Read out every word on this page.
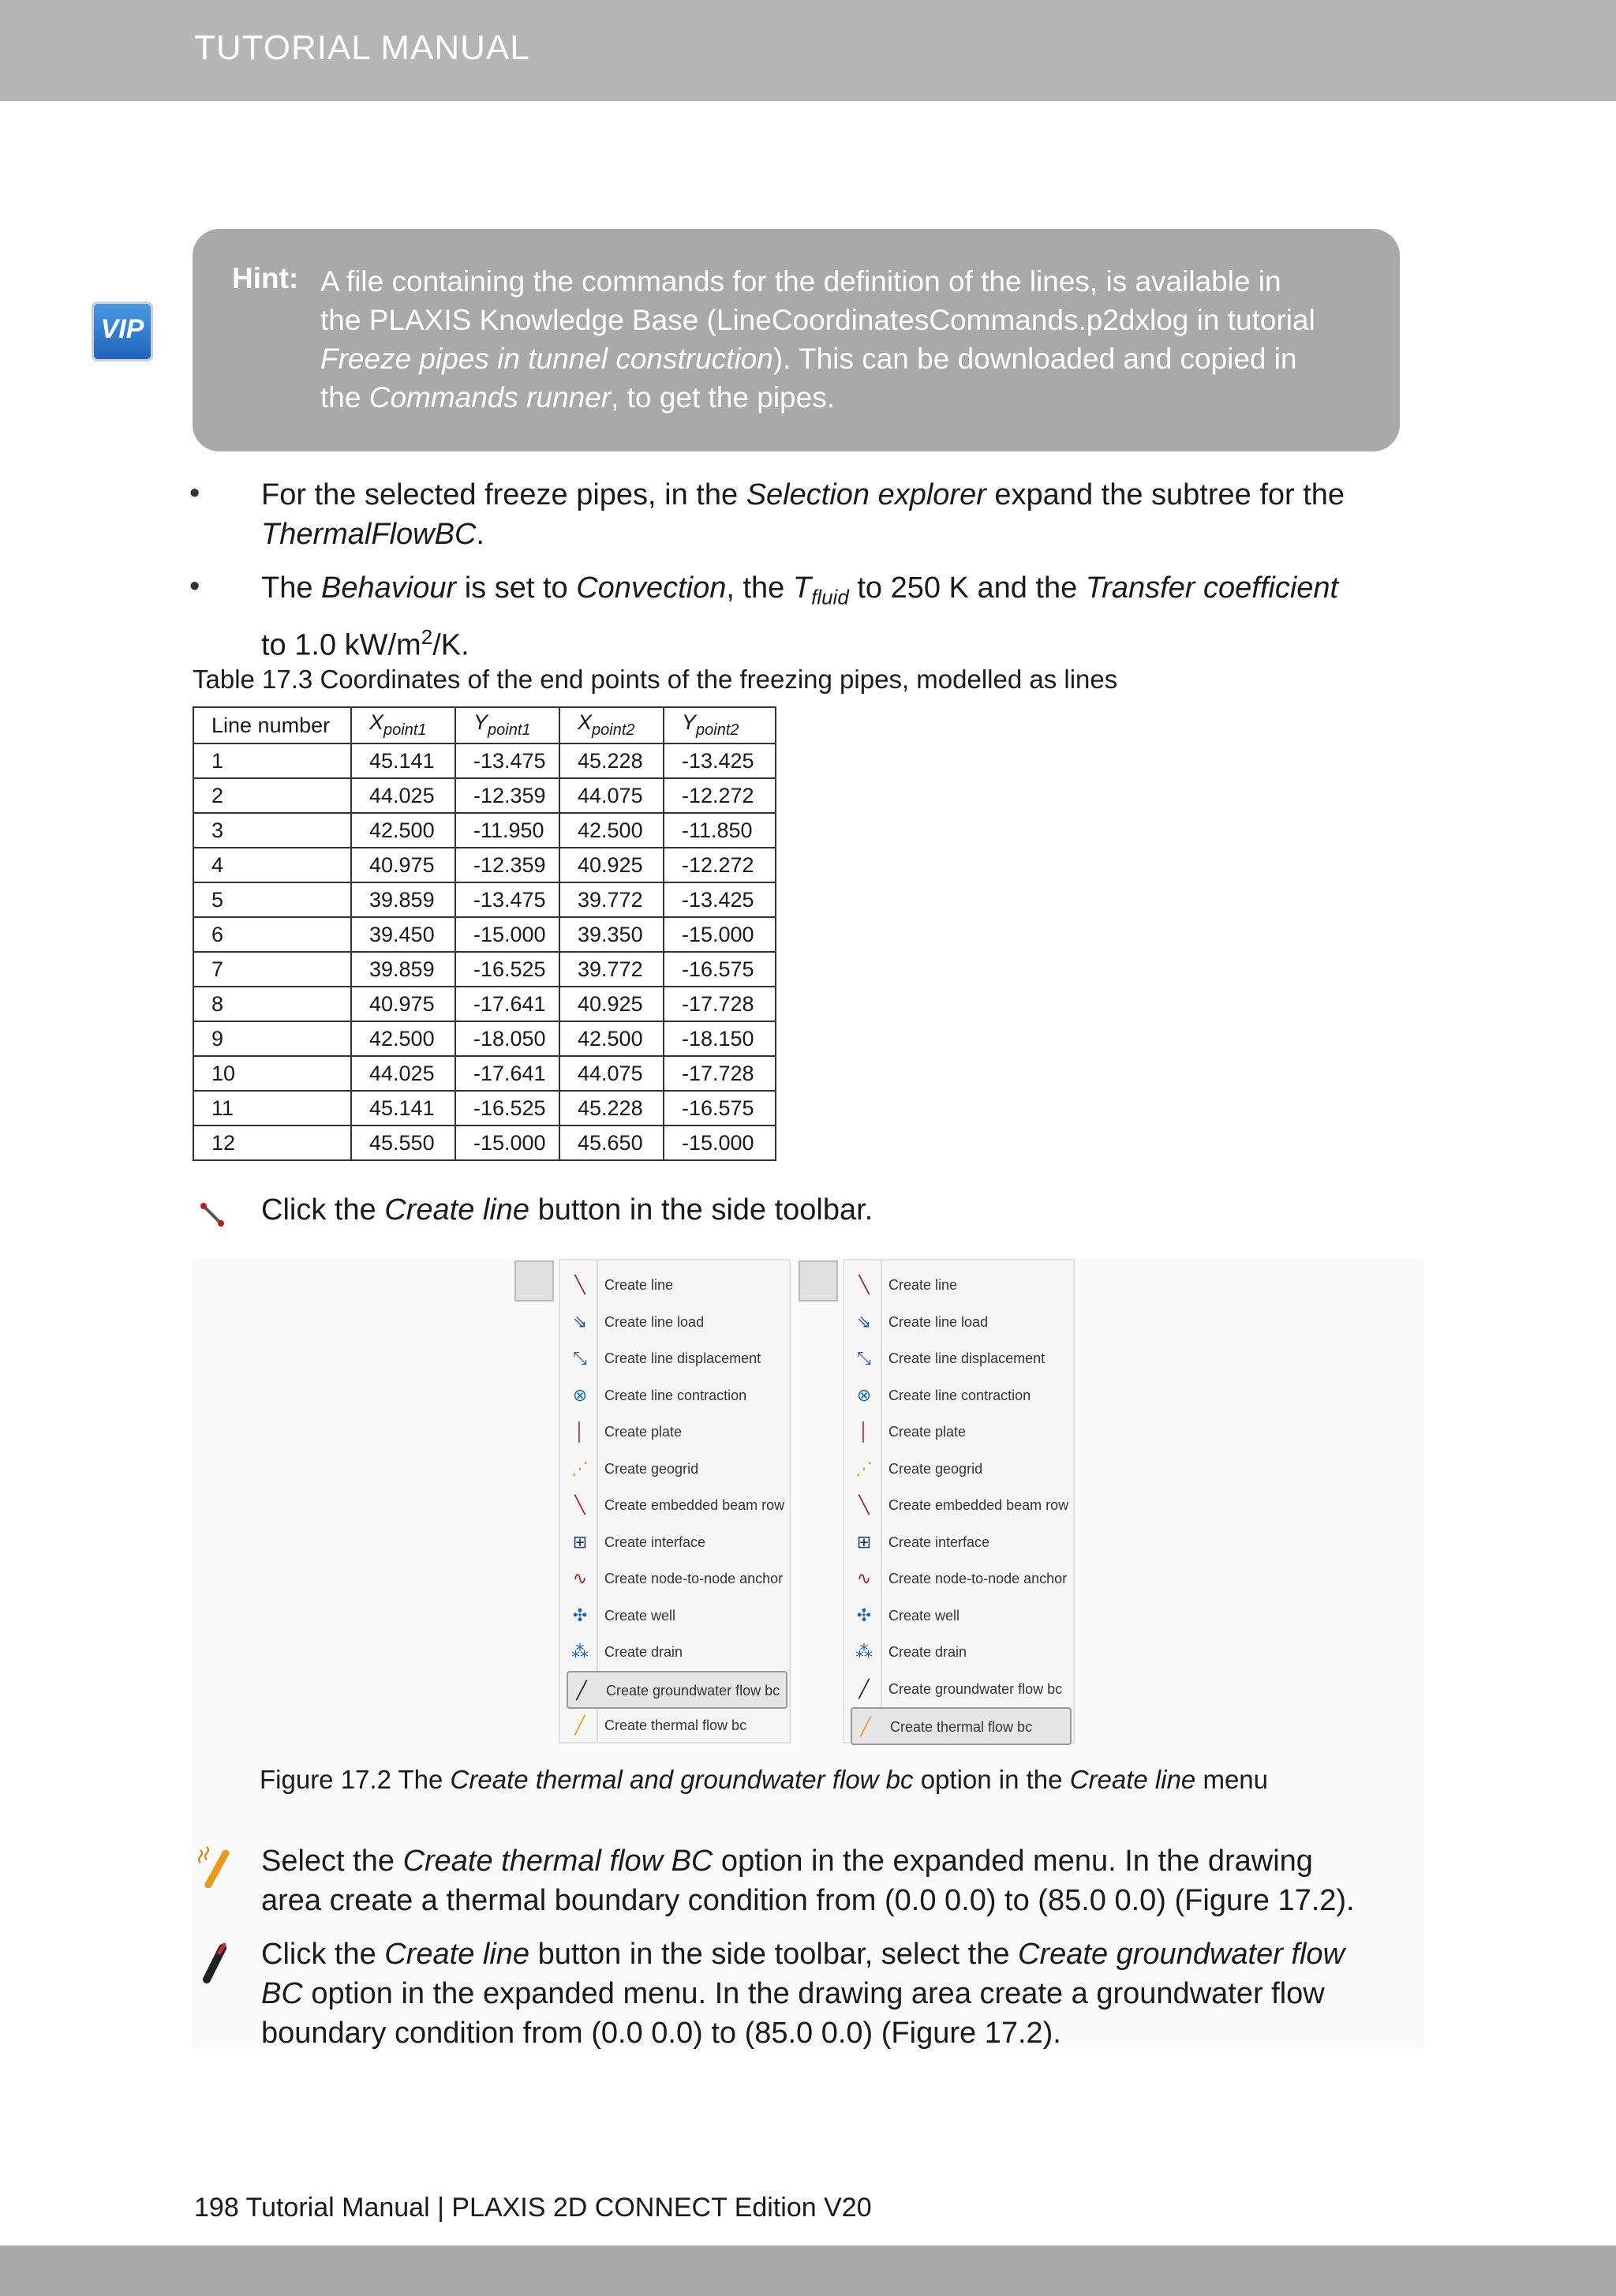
TUTORIAL MANUAL
VIP
Hint: A file containing the commands for the definition of the lines, is available in
the PLAXIS Knowledge Base (LineCoordinatesCommands.p2dxlog in tutorial
Freeze pipes in tunnel construction). This can be downloaded and copied in
the Commands runner, to get the pipes.
• For the selected freeze pipes, in the Selection explorer expand the subtree for the
ThermalFlowBC.
• The Behaviour is set to Convection, the $T_{fluid}$ to 250 K and the Transfer coefficient
to 1.0 $kW/m^2/K$.
Table 17.3 Coordinates of the end points of the freezing pipes, modelled as lines
Line number	$X_{point1}$	$Y_{point1}$	$X_{point2}$	$Y_{point2}$
1	45.141	-13.475	45.228	-13.425
2	44.025	-12.359	44.075	-12.272
3	42.500	-11.950	42.500	-11.850
4	40.975	-12.359	40.925	-12.272
5	39.859	-13.475	39.772	-13.425
6	39.450	-15.000	39.350	-15.000
7	39.859	-16.525	39.772	-16.575
8	40.975	-17.641	40.925	-17.728
9	42.500	-18.050	42.500	-18.150
10	44.025	-17.641	44.075	-17.728
11	45.141	-16.525	45.228	-16.575
12	45.550	-15.000	45.650	-15.000
Click the Create line button in the side toolbar.
╲	Create line
⇘ Create line load
⤡ Create line displacement
⊗ Create line contraction
│	Create plate
⋰ Create geogrid
╲	Create embedded beam row
⊞ Create interface
∿ Create node-to-node anchor
✣ Create well
⁂ Create drain
╱	Create groundwater flow bc
╱	Create thermal flow bc
╲	Create line
⇘ Create line load
⤡ Create line displacement
⊗ Create line contraction
│	Create plate
⋰ Create geogrid
╲	Create embedded beam row
⊞ Create interface
∿ Create node-to-node anchor
✣ Create well
⁂ Create drain
╱	Create groundwater flow bc
╱	Create thermal flow bc
Figure 17.2 The Create thermal and groundwater flow bc option in the Create line menu
Select the Create thermal flow BC option in the expanded menu. In the drawing
area create a thermal boundary condition from (0.0 0.0) to (85.0 0.0) (Figure 17.2).
Click the Create line button in the side toolbar, select the Create groundwater flow
BC option in the expanded menu. In the drawing area create a groundwater flow
boundary condition from (0.0 0.0) to (85.0 0.0) (Figure 17.2).
198 Tutorial Manual | PLAXIS 2D CONNECT Edition V20
